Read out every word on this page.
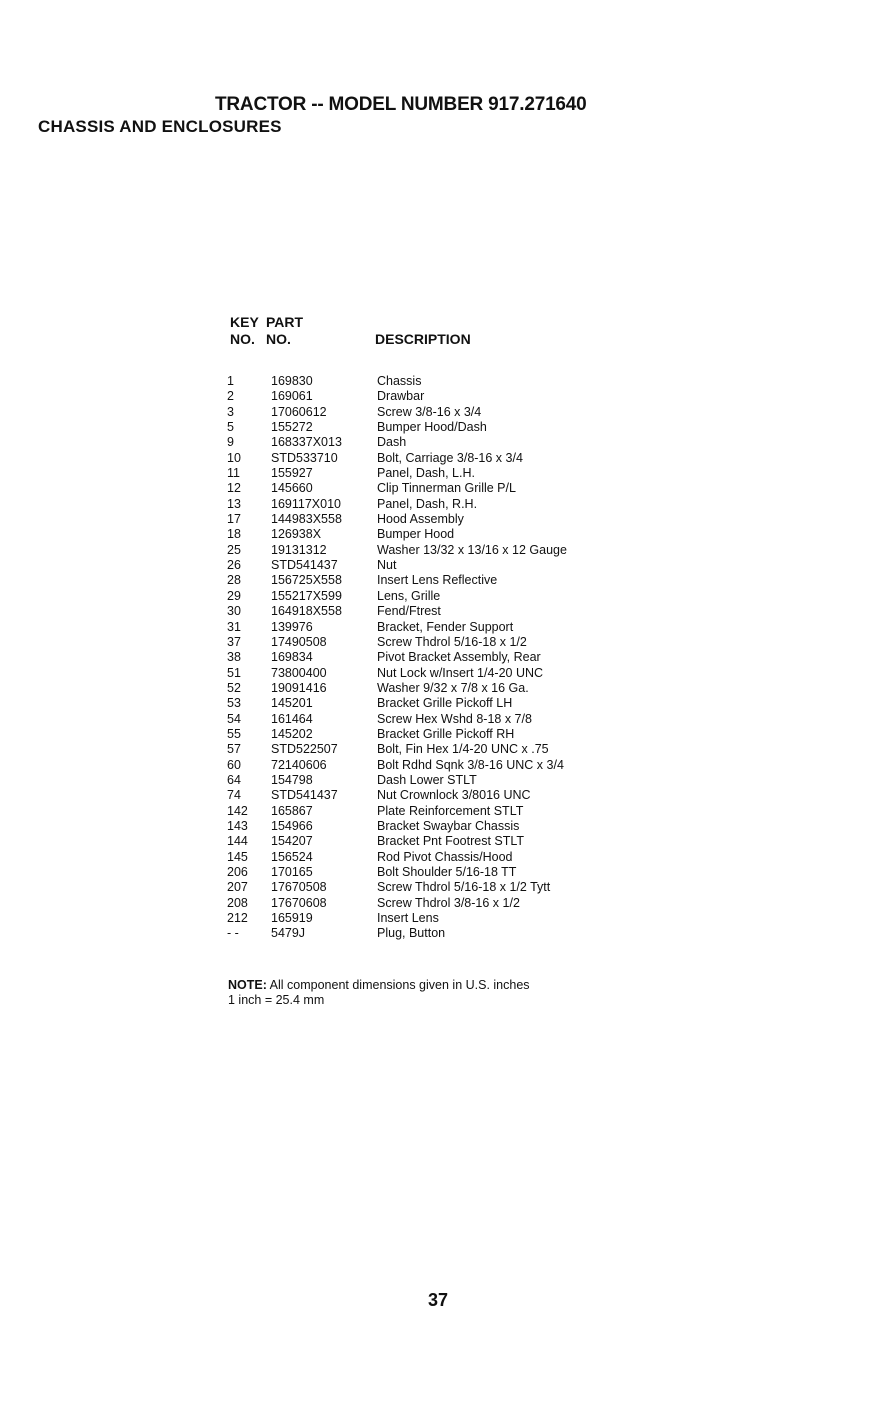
TRACTOR -- MODEL NUMBER 917.271640
CHASSIS AND ENCLOSURES
KEY
NO.
PART
NO.	DESCRIPTION
1	169830	Chassis
2	169061	Drawbar
3	17060612	Screw 3/8-16 x 3/4
5	155272	Bumper Hood/Dash
9	168337X013	Dash
10	STD533710	Bolt, Carriage 3/8-16 x 3/4
11	155927	Panel, Dash, L.H.
12	145660	Clip Tinnerman Grille P/L
13	169117X010	Panel, Dash, R.H.
17	144983X558	Hood Assembly
18	126938X	Bumper Hood
25	19131312	Washer 13/32 x 13/16 x 12 Gauge
26	STD541437	Nut
28	156725X558	Insert Lens Reflective
29	155217X599	Lens, Grille
30	164918X558	Fend/Ftrest
31	139976	Bracket, Fender Support
37	17490508	Screw Thdrol 5/16-18 x 1/2
38	169834	Pivot Bracket Assembly, Rear
51	73800400	Nut Lock w/Insert 1/4-20 UNC
52	19091416	Washer 9/32 x 7/8 x 16 Ga.
53	145201	Bracket Grille Pickoff LH
54	161464	Screw Hex Wshd 8-18 x 7/8
55	145202	Bracket Grille Pickoff RH
57	STD522507	Bolt, Fin Hex 1/4-20 UNC x .75
60	72140606	Bolt Rdhd Sqnk 3/8-16 UNC x 3/4
64	154798	Dash Lower STLT
74	STD541437	Nut Crownlock 3/8016 UNC
142	165867	Plate Reinforcement STLT
143	154966	Bracket Swaybar Chassis
144	154207	Bracket Pnt Footrest STLT
145	156524	Rod Pivot Chassis/Hood
206	170165	Bolt Shoulder 5/16-18 TT
207	17670508	Screw Thdrol 5/16-18 x 1/2 Tytt
208	17670608	Screw Thdrol 3/8-16 x 1/2
212	165919	Insert Lens
- -	5479J	Plug, Button
NOTE: All component dimensions given in U.S. inches
1 inch = 25.4 mm
37
